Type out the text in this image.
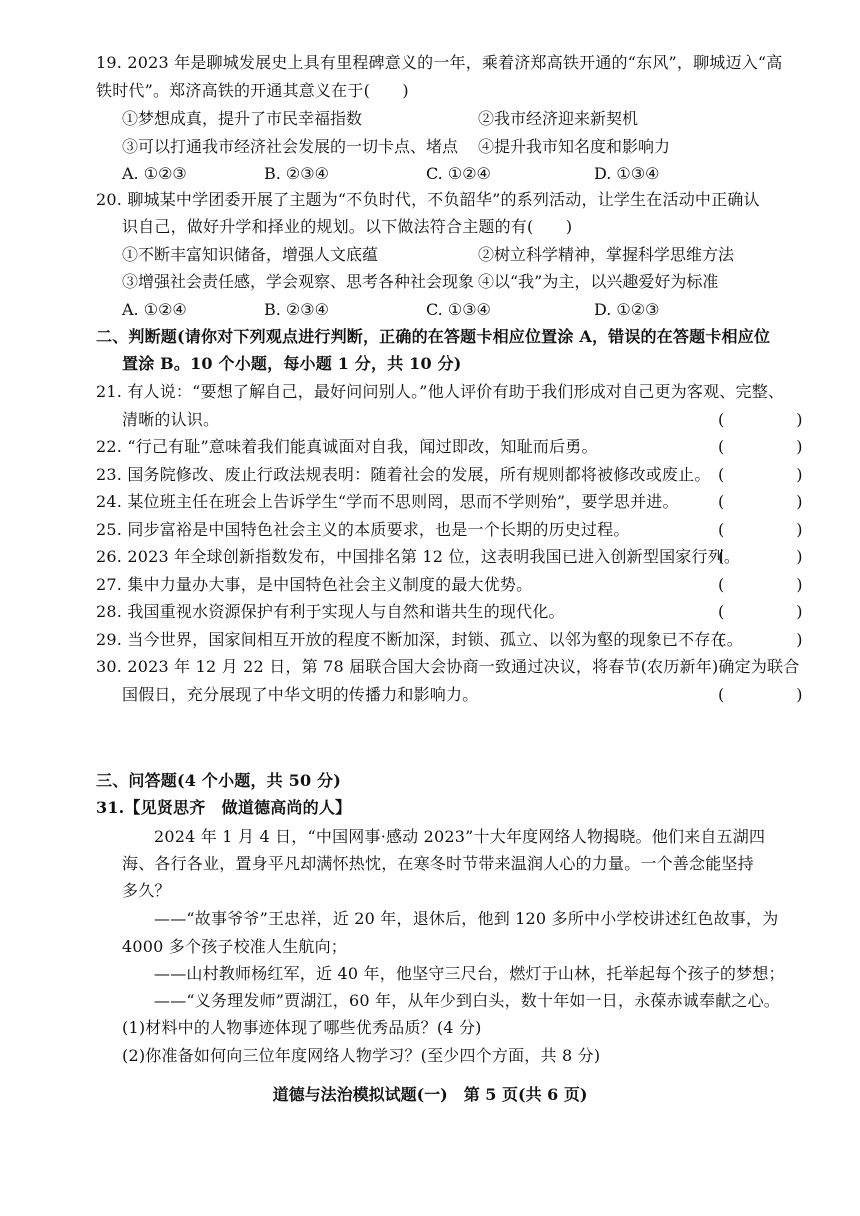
19. 2023 年是聊城发展史上具有里程碑意义的一年，乘着济郑高铁开通的“东风”，聊城迈入“高
铁时代”。郑济高铁的开通其意义在于(　　)
①梦想成真，提升了市民幸福指数	②我市经济迎来新契机
③可以打通我市经济社会发展的一切卡点、堵点 ④提升我市知名度和影响力
A. ①②③	B. ②③④	C. ①②④	D. ①③④
20. 聊城某中学团委开展了主题为“不负时代，不负韶华”的系列活动，让学生在活动中正确认
识自己，做好升学和择业的规划。以下做法符合主题的有(　　)
①不断丰富知识储备，增强人文底蕴	②树立科学精神，掌握科学思维方法
③增强社会责任感，学会观察、思考各种社会现象 ④以“我”为主，以兴趣爱好为标准
A. ①②④	B. ②③④	C. ①③④	D. ①②③
二、判断题(请你对下列观点进行判断，正确的在答题卡相应位置涂 A，错误的在答题卡相应位
置涂 B。10 个小题，每小题 1 分，共 10 分)
21. 有人说：“要想了解自己，最好问问别人。”他人评价有助于我们形成对自己更为客观、完整、
清晰的认识。	(　)
22. “行己有耻”意味着我们能真诚面对自我，闻过即改，知耻而后勇。	(　)
23. 国务院修改、废止行政法规表明：随着社会的发展，所有规则都将被修改或废止。 (　)
24. 某位班主任在班会上告诉学生“学而不思则罔，思而不学则殆”，要学思并进。 (　)
25. 同步富裕是中国特色社会主义的本质要求，也是一个长期的历史过程。	(　)
26. 2023 年全球创新指数发布，中国排名第 12 位，这表明我国已进入创新型国家行列。
(　)
27. 集中力量办大事，是中国特色社会主义制度的最大优势。	(　)
28. 我国重视水资源保护有利于实现人与自然和谐共生的现代化。	(　)
29. 当今世界，国家间相互开放的程度不断加深，封锁、孤立、以邻为壑的现象已不存在。
(　)
30. 2023 年 12 月 22 日，第 78 届联合国大会协商一致通过决议，将春节(农历新年)确定为联合
国假日，充分展现了中华文明的传播力和影响力。	(　)
三、问答题(4 个小题，共 50 分)
31.【见贤思齐　做道德高尚的人】
2024 年 1 月 4 日，“中国网事·感动 2023”十大年度网络人物揭晓。他们来自五湖四
海、各行各业，置身平凡却满怀热忱，在寒冬时节带来温润人心的力量。一个善念能坚持
多久？
——“故事爷爷”王忠祥，近 20 年，退休后，他到 120 多所中小学校讲述红色故事，为
4000 多个孩子校准人生航向；
——山村教师杨红军，近 40 年，他坚守三尺台，燃灯于山林，托举起每个孩子的梦想；
——“义务理发师”贾湖江，60 年，从年少到白头，数十年如一日，永葆赤诚奉献之心。
(1)材料中的人物事迹体现了哪些优秀品质？(4 分)
(2)你准备如何向三位年度网络人物学习？(至少四个方面，共 8 分)
道德与法治模拟试题(一)　第 5 页(共 6 页)
